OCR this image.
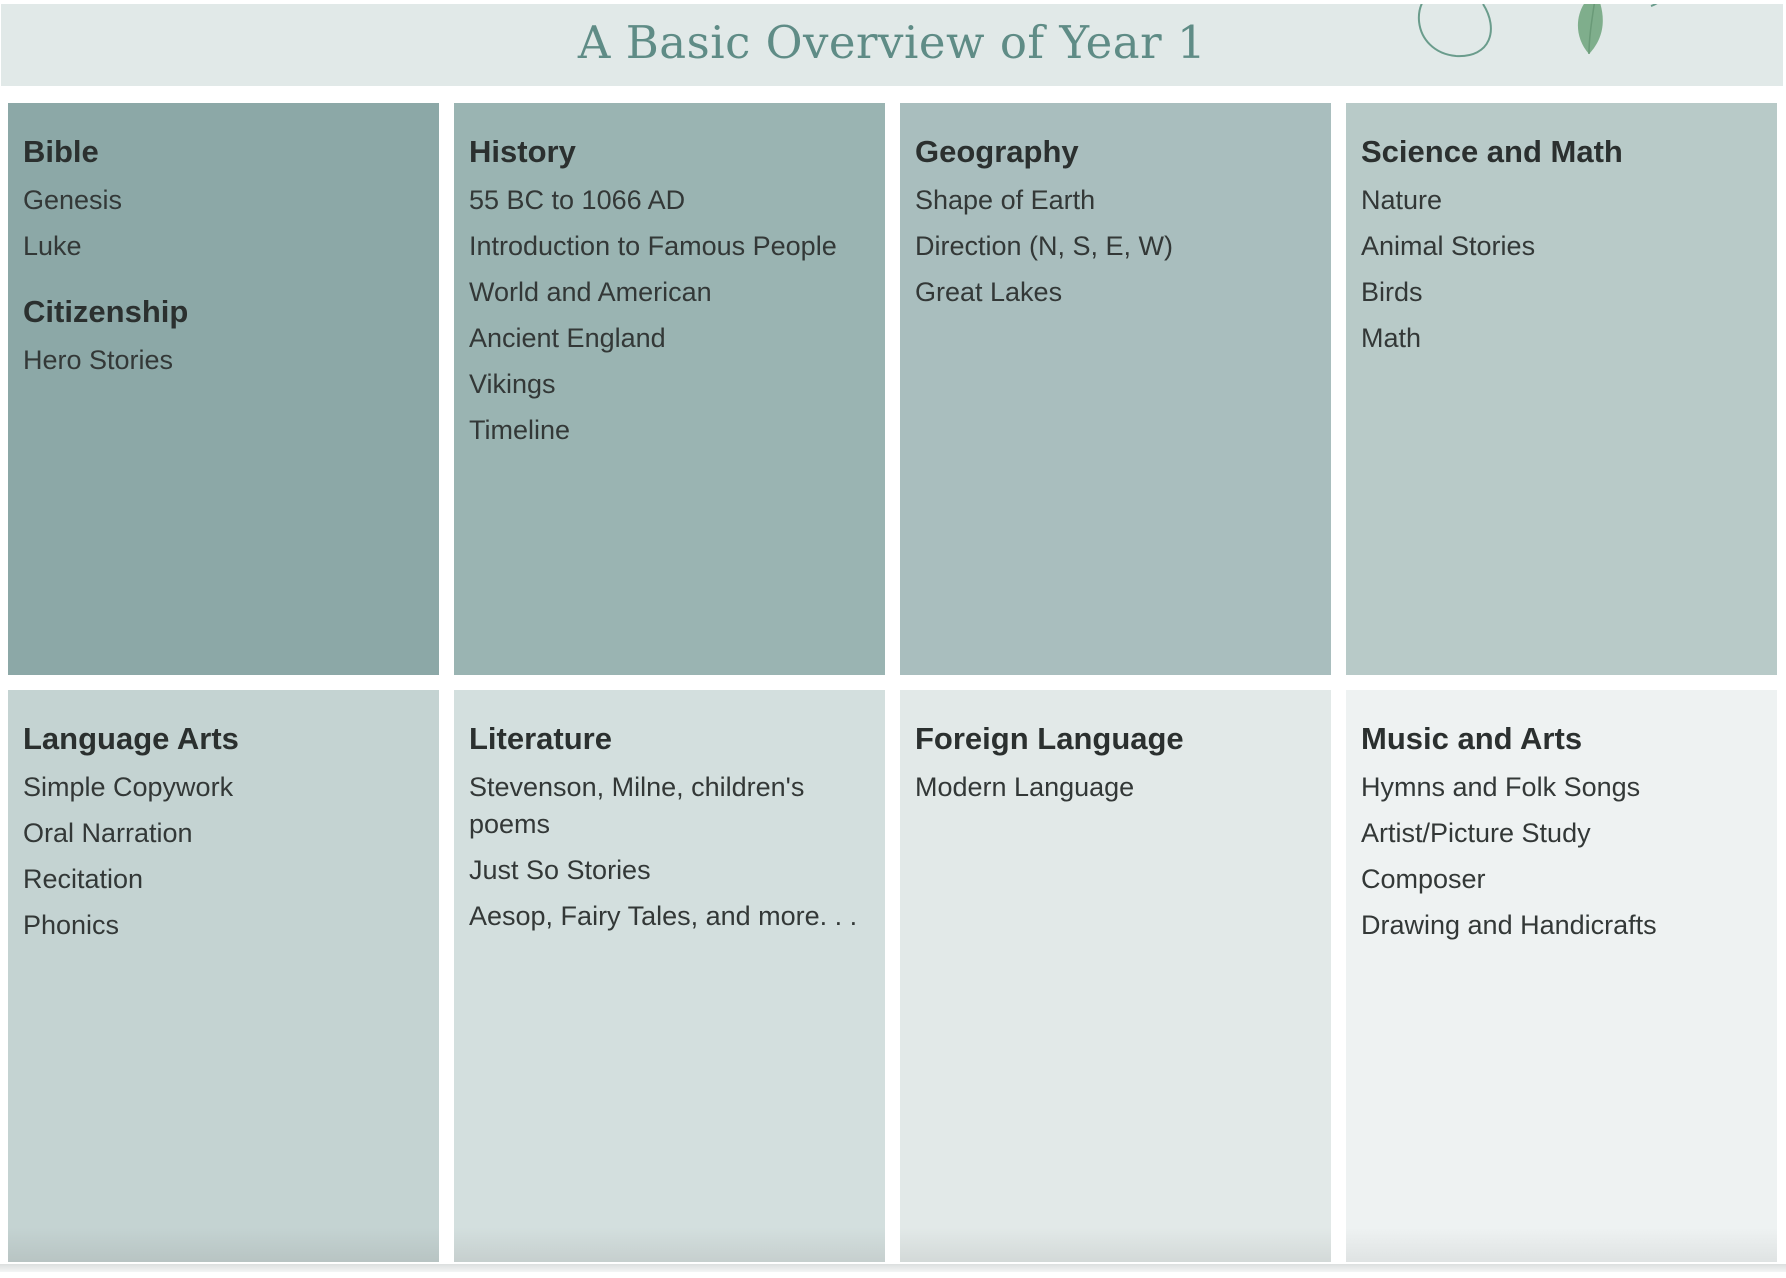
A Basic Overview of Year 1
Bible
Genesis
Luke
Citizenship
Hero Stories
History
55 BC to 1066 AD
Introduction to Famous People
World and American
Ancient England
Vikings
Timeline
Geography
Shape of Earth
Direction (N, S, E, W)
Great Lakes
Science and Math
Nature
Animal Stories
Birds
Math
Language Arts
Simple Copywork
Oral Narration
Recitation
Phonics
Literature
Stevenson, Milne, children's poems
Just So Stories
Aesop, Fairy Tales, and more. . .
Foreign Language
Modern Language
Music and Arts
Hymns and Folk Songs
Artist/Picture Study
Composer
Drawing and Handicrafts
